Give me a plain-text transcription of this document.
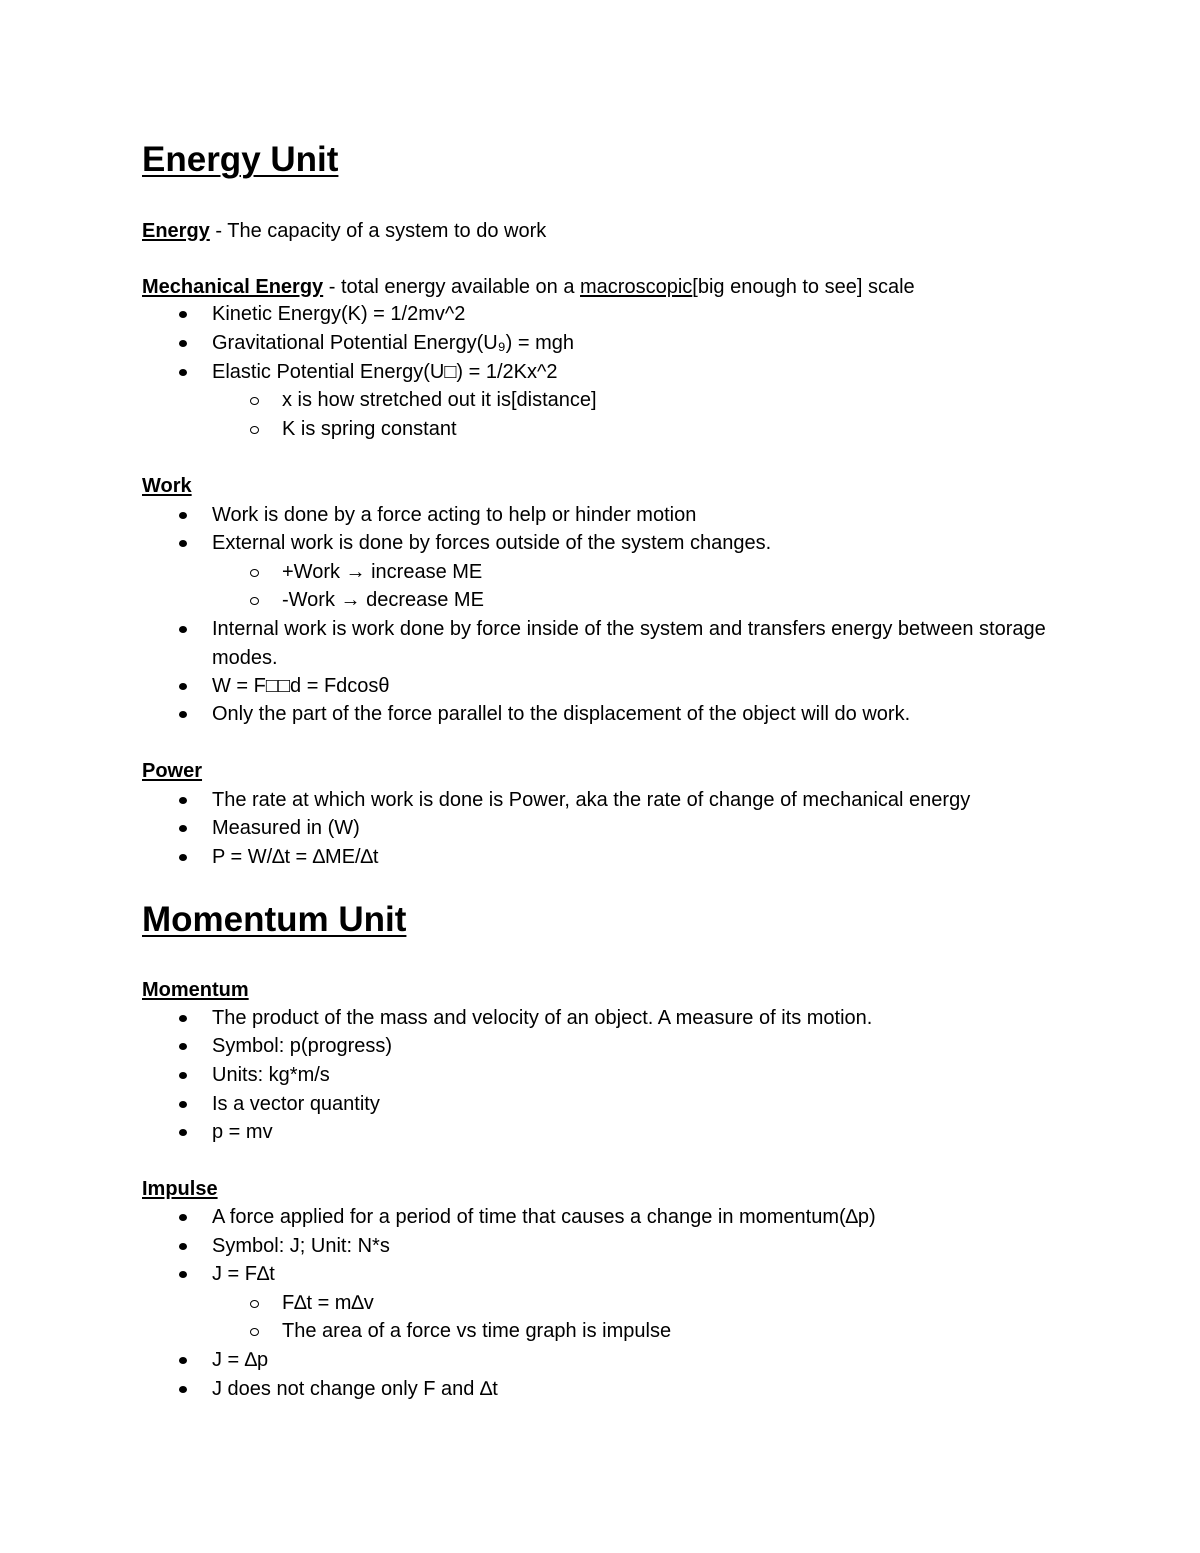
Energy Unit
Energy - The capacity of a system to do work
Mechanical Energy - total energy available on a macroscopic[big enough to see] scale
Kinetic Energy(K) = 1/2mv^2
Gravitational Potential Energy(U₉) = mgh
Elastic Potential Energy(U□) = 1/2Kx^2
x is how stretched out it is[distance]
K is spring constant
Work
Work is done by a force acting to help or hinder motion
External work is done by forces outside of the system changes.
+Work → increase ME
-Work → decrease ME
Internal work is work done by force inside of the system and transfers energy between storage modes.
W = F□□d = Fdcosθ
Only the part of the force parallel to the displacement of the object will do work.
Power
The rate at which work is done is Power, aka the rate of change of mechanical energy
Measured in (W)
P = W/∆t = ∆ME/∆t
Momentum Unit
Momentum
The product of the mass and velocity of an object. A measure of its motion.
Symbol: p(progress)
Units: kg*m/s
Is a vector quantity
p = mv
Impulse
A force applied for a period of time that causes a change in momentum(∆p)
Symbol: J; Unit: N*s
J = F∆t
F∆t = m∆v
The area of a force vs time graph is impulse
J = ∆p
J does not change only F and ∆t
